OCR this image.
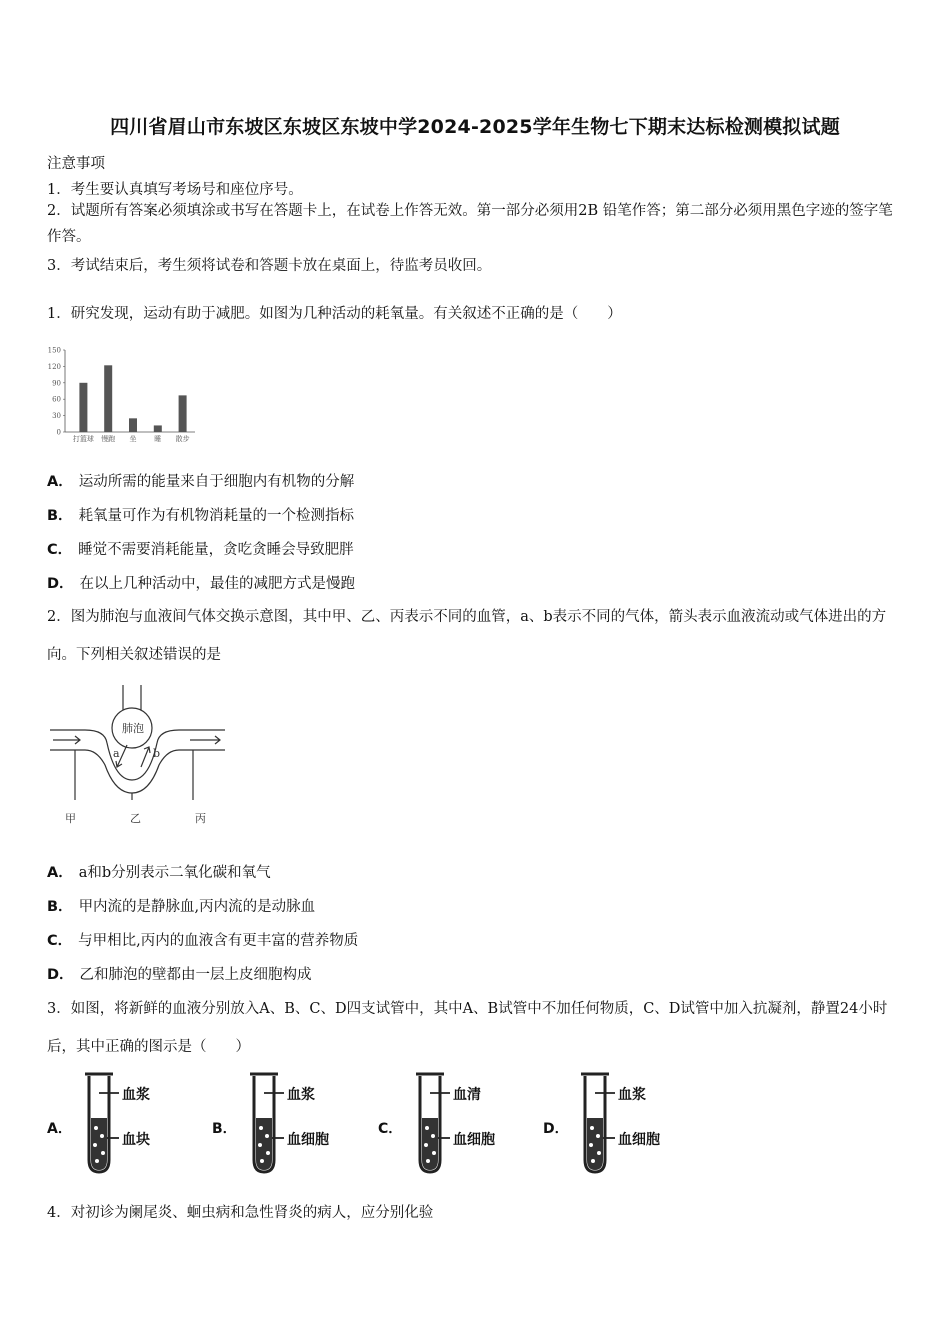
四川省眉山市东坡区东坡区东坡中学2024-2025学年生物七下期末达标检测模拟试题
注意事项
1．考生要认真填写考场号和座位序号。
2．试题所有答案必须填涂或书写在答题卡上，在试卷上作答无效。第一部分必须用2B 铅笔作答；第二部分必须用黑色字迹的签字笔作答。
3．考试结束后，考生须将试卷和答题卡放在桌面上，待监考员收回。
1．研究发现，运动有助于减肥。如图为几种活动的耗氧量。有关叙述不正确的是（　　）
150
120
90
60
30
0
打篮球 慢跑 坐	睡 散步
A． 运动所需的能量来自于细胞内有机物的分解
B． 耗氧量可作为有机物消耗量的一个检测指标
C． 睡觉不需要消耗能量，贪吃贪睡会导致肥胖
D． 在以上几种活动中，最佳的减肥方式是慢跑
2．图为肺泡与血液间气体交换示意图，其中甲、乙、丙表示不同的血管，a、b表示不同的气体，箭头表示血液流动或气体进出的方向。下列相关叙述错误的是
肺泡
a	b
甲	乙	丙
A． a和b分别表示二氧化碳和氧气
B． 甲内流的是静脉血,丙内流的是动脉血
C． 与甲相比,丙内的血液含有更丰富的营养物质
D． 乙和肺泡的壁都由一层上皮细胞构成
3．如图，将新鲜的血液分别放入A、B、C、D四支试管中，其中A、B试管中不加任何物质，C、D试管中加入抗凝剂，静置24小时后，其中正确的图示是（　　）
A．
血浆
血块
B．
血浆
血细胞
C．
血清
血细胞
D．
血浆
血细胞
4．对初诊为阑尾炎、蛔虫病和急性肾炎的病人，应分别化验
